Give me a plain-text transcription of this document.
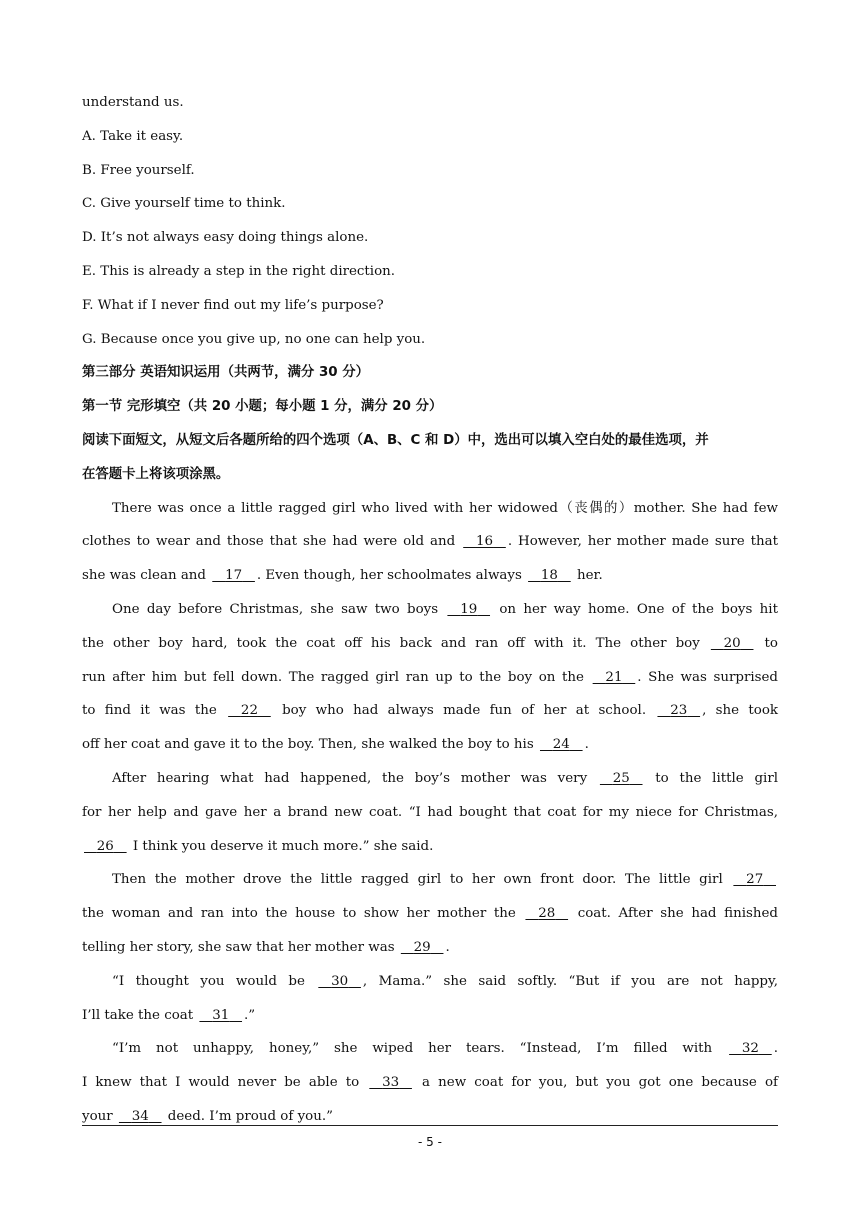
understand us.
A. Take it easy.
B. Free yourself.
C. Give yourself time to think.
D. It’s not always easy doing things alone.
E. This is already a step in the right direction.
F. What if I never find out my life’s purpose?
G. Because once you give up, no one can help you.
第三部分 英语知识运用（共两节，满分 30 分）
第一节 完形填空（共 20 小题；每小题 1 分，满分 20 分）
阅读下面短文，从短文后各题所给的四个选项（A、B、C 和 D）中，选出可以填入空白处的最佳选项，并
在答题卡上将该项涂黑。
There was once a little ragged girl who lived with her widowed（丧偶的）mother. She had few
clothes to wear and those that she had were old and 16 . However, her mother made sure that
she was clean and 17 . Even though, her schoolmates always 18 her.
One day before Christmas, she saw two boys 19 on her way home. One of the boys hit
the other boy hard, took the coat off his back and ran off with it. The other boy 20 to
run after him but fell down. The ragged girl ran up to the boy on the 21 . She was surprised
to find it was the 22 boy who had always made fun of her at school. 23 , she took
off her coat and gave it to the boy. Then, she walked the boy to his 24 .
After hearing what had happened, the boy’s mother was very 25 to the little girl
for her help and gave her a brand new coat. “I had bought that coat for my niece for Christmas,
26 I think you deserve it much more.” she said.
Then the mother drove the little ragged girl to her own front door. The little girl 27
the woman and ran into the house to show her mother the 28 coat. After she had finished
telling her story, she saw that her mother was 29 .
“I thought you would be 30 , Mama.” she said softly. “But if you are not happy,
I’ll take the coat 31 .”
“I’m not unhappy, honey,” she wiped her tears. “Instead, I’m filled with 32 .
I knew that I would never be able to 33 a new coat for you, but you got one because of
your 34 deed. I’m proud of you.”
- 5 -
